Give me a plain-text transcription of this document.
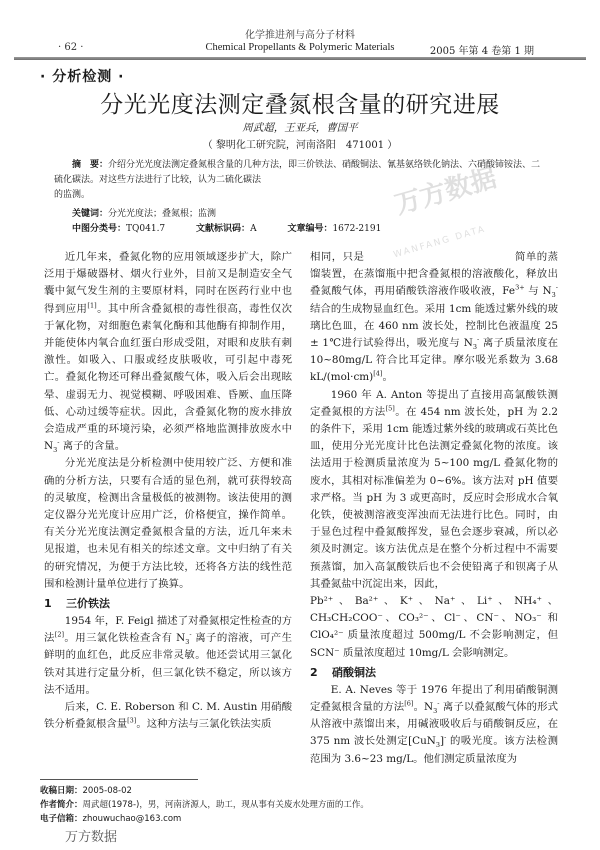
化学推进剂与高分子材料
· 62 ·	Chemical Propellants & Polymeric Materials	2005 年第 4 卷第 1 期
· 分析检测 ·
分光光度法测定叠氮根含量的研究进展
周武超，王亚兵，曹国平
（ 黎明化工研究院，河南洛阳　471001 ）
摘　要：介绍分光光度法测定叠氮根含量的几种方法，即三价铁法、硝酸铜法、氰基氨络铁化钠法、六硝酸铈铵法、二硫化碳法。对这些方法进行了比较，认为二硫化碳法
的监测。
关键词：分光光度法；叠氮根；监测
中图分类号：TQ041.7	文献标识码：A	文章编号：1672-2191

近几年来，叠氮化物的应用领域逐步扩大，除广泛用于爆破器材、烟火行业外，目前又是制造安全气囊中氮气发生剂的主要原材料，同时在医药行业中也得到应用[1]。其中所含叠氮根的毒性很高，毒性仅次于氰化物，对细胞色素氧化酶和其他酶有抑制作用，并能使体内氧合血红蛋白形成受阻，对眼和皮肤有刺激性。如吸入、口服或经皮肤吸收，可引起中毒死亡。叠氮化物还可释出叠氮酸气体，吸入后会出现眩晕、虚弱无力、视觉模糊、呼吸困难、昏厥、血压降低、心动过缓等症状。因此，含叠氮化物的废水排放会造成严重的环境污染，必须严格地监测排放废水中 $N_3^-$ 离子的含量。

分光光度法是分析检测中使用较广泛、方便和准确的分析方法，只要有合适的显色剂，就可获得较高的灵敏度，检测出含量极低的被测物。该法使用的测定仪器分光光度计应用广泛，价格便宜，操作简单。有关分光光度法测定叠氮根含量的方法，近几年来未见报道，也未见有相关的综述文章。文中归纳了有关的研究情况，为便于方法比较，还将各方法的线性范围和检测计量单位进行了换算。

1 三价铁法

1954 年，F. Feigl 描述了对叠氮根定性检查的方法[2]。用三氯化铁检查含有 $N_3^-$ 离子的溶液，可产生鲜明的血红色，此反应非常灵敏。他还尝试用三氯化铁对其进行定量分析，但三氯化铁不稳定，所以该方法不适用。

后来，C. E. Roberson 和 C. M. Austin 用硝酸铁分析叠氮根含量[3]。这种方法与三氯化铁法实质

相同，只是	简单的蒸馏装置，在蒸馏瓶中把含叠氮根的溶液酸化，释放出叠氮酸气体，再用硝酸铁溶液作吸收液，$Fe^{3+}$ 与 $N_3^-$ 结合的生成物显血红色。采用 1cm 能透过紫外线的玻璃比色皿，在 460 nm 波长处，控制比色液温度 25 ± 1℃进行试验得出，吸光度与 $N_3^-$ 离子质量浓度在 10~80mg/L 符合比耳定律。摩尔吸光系数为 3.68 kL/(mol·cm)[4]。

1960 年 A. Anton 等提出了直接用高氯酸铁测定叠氮根的方法[5]。在 454 nm 波长处，pH 为 2.2 的条件下，采用 1cm 能透过紫外线的玻璃或石英比色皿，使用分光光度计比色法测定叠氮化物的浓度。该法适用于检测质量浓度为 5~100 mg/L 叠氮化物的废水，其相对标准偏差为 0~6%。该方法对 pH 值要求严格。当 pH 为 3 或更高时，反应时会形成水合氧化铁，使被测溶液变浑浊而无法进行比色。同时，由于显色过程中叠氮酸挥发，显色会逐步衰减，所以必须及时测定。该方法优点是在整个分析过程中不需要预蒸馏，加入高氯酸铁后也不会使铅离子和钡离子从其叠氮盐中沉淀出来，因此，

Pb²⁺、Ba²⁺、K⁺、Na⁺、Li⁺、NH₄⁺、CH₃CH₂COO⁻、CO₃²⁻、Cl⁻、CN⁻、NO₃⁻ 和 ClO₄²⁻ 质量浓度超过 500mg/L 不会影响测定，但 SCN⁻ 质量浓度超过 10mg/L 会影响测定。

2 硝酸铜法

E. A. Neves 等于 1976 年提出了利用硝酸铜测定叠氮根含量的方法[6]。$N_3^-$ 离子以叠氮酸气体的形式从溶液中蒸馏出来，用碱液吸收后与硝酸铜反应，在 375 nm 波长处测定[CuN$_3$]- 的吸光度。该方法检测范围为 3.6~23 mg/L。他们测定质量浓度为

收稿日期：2005-08-02
作者简介：周武超(1978-)，男，河南济源人，助工，现从事有关废水处理方面的工作。
电子信箱：zhouwuchao@163.com
万方数据
